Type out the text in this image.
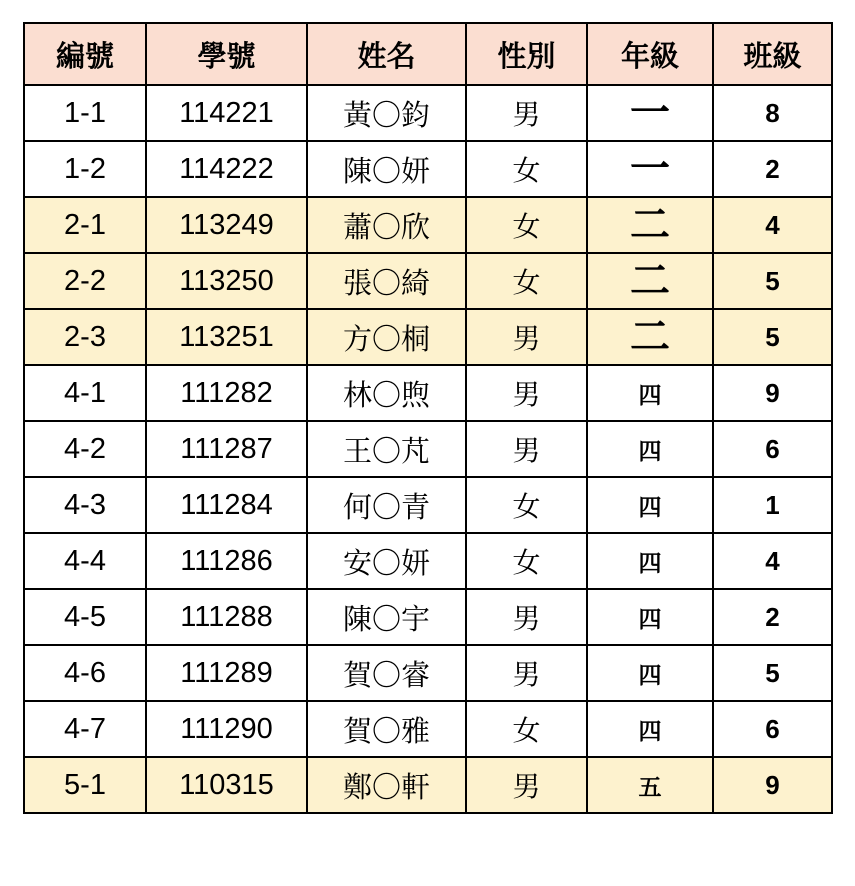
編號	學號	姓名	性別	年級	班級
1-1	114221	黃〇鈞	男	一	8
1-2	114222	陳〇妍	女	一	2
2-1	113249	蕭〇欣	女	二	4
2-2	113250	張〇綺	女	二	5
2-3	113251	方〇桐	男	二	5
4-1	111282	林〇煦	男	四	9
4-2	111287	王〇芃	男	四	6
4-3	111284	何〇青	女	四	1
4-4	111286	安〇妍	女	四	4
4-5	111288	陳〇宇	男	四	2
4-6	111289	賀〇睿	男	四	5
4-7	111290	賀〇雅	女	四	6
5-1	110315	鄭〇軒	男	五	9
